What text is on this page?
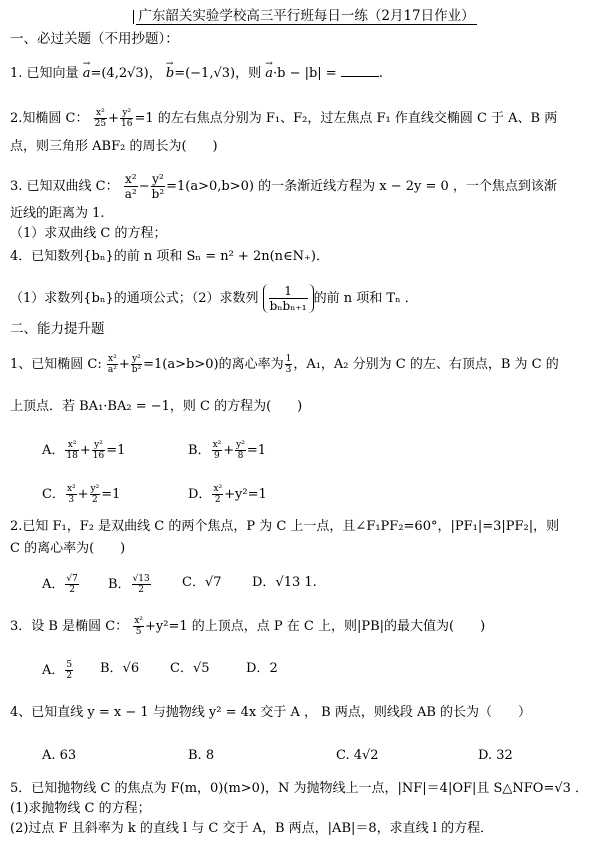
广东韶关实验学校高三平行班每日一练（2月17日作业）
一、必过关题（不用抄题）：
1. 已知向量 → a=(4,2√3)， → b=(−1,√3)，则 → a·b − |b| =	.
2.知椭圆 C： $\frac{\text{x²}}{25} + \frac{\text{y²}}{16} =1$ 的左右焦点分别为 F₁、F₂，过左焦点 F₁ 作直线交椭圆 C 于 A、B 两
点，则三角形 ABF₂ 的周长为(　　)
3. 已知双曲线 C： $\frac{\text{x²}}{\text{a²}} - \frac{\text{y²}}{\text{b²}} =1(a>0,b>0)$ 的一条渐近线方程为 x − 2y = 0 ，一个焦点到该渐
近线的距离为 1.
（1）求双曲线 C 的方程；
4．已知数列{bₙ}的前 n 项和 Sₙ = n² + 2n(n∈N₊)．
（1）求数列{bₙ}的通项公式；（2）求数列 $\frac{1}{\text{bₙbₙ₊₁}}$ 的前 n 项和 Tₙ ．
二、能力提升题
1、已知椭圆 C: $\frac{\text{x²}}{\text{a²}} + \frac{\text{y²}}{\text{b²}} =1(a>b>0)$的离心率为 $\frac{1}{3}$ ，A₁，A₂ 分别为 C 的左、右顶点，B 为 C 的
上顶点．若 BA₁·BA₂ = −1，则 C 的方程为(　　)
A． $\frac{\text{x²}}{18} + \frac{\text{y²}}{16} =1$	B． $\frac{\text{x²}}{9} + \frac{\text{y²}}{8} =1$
C． $\frac{\text{x²}}{3} + \frac{\text{y²}}{2} =1$	D． $\frac{\text{x²}}{2} +y^2=1$
2.已知 F₁，F₂ 是双曲线 C 的两个焦点，P 为 C 上一点，且∠F₁PF₂=60°，|PF₁|=3|PF₂|，则
C 的离心率为(　　)
A． $\frac{√7}{2}$ B． $\frac{√13}{2}$ C．√7 D．√13 1.
3．设 B 是椭圆 C： $\frac{\text{x²}}{5} +y^2=1$ 的上顶点，点 P 在 C 上，则|PB|的最大值为(　　)
A． $\frac{5}{2}$ B．√6 C．√5	D．2
4、已知直线 y = x − 1 与抛物线 y² = 4x 交于 A ， B 两点，则线段 AB 的长为（　　）
A. 63	B. 8	C. 4√2	D. 32
5．已知抛物线 C 的焦点为 F(m，0)(m>0)，N 为抛物线上一点，|NF|＝4|OF|且 S△NFO=√3 ．
(1)求抛物线 C 的方程；
(2)过点 F 且斜率为 k 的直线 l 与 C 交于 A，B 两点，|AB|＝8，求直线 l 的方程．
